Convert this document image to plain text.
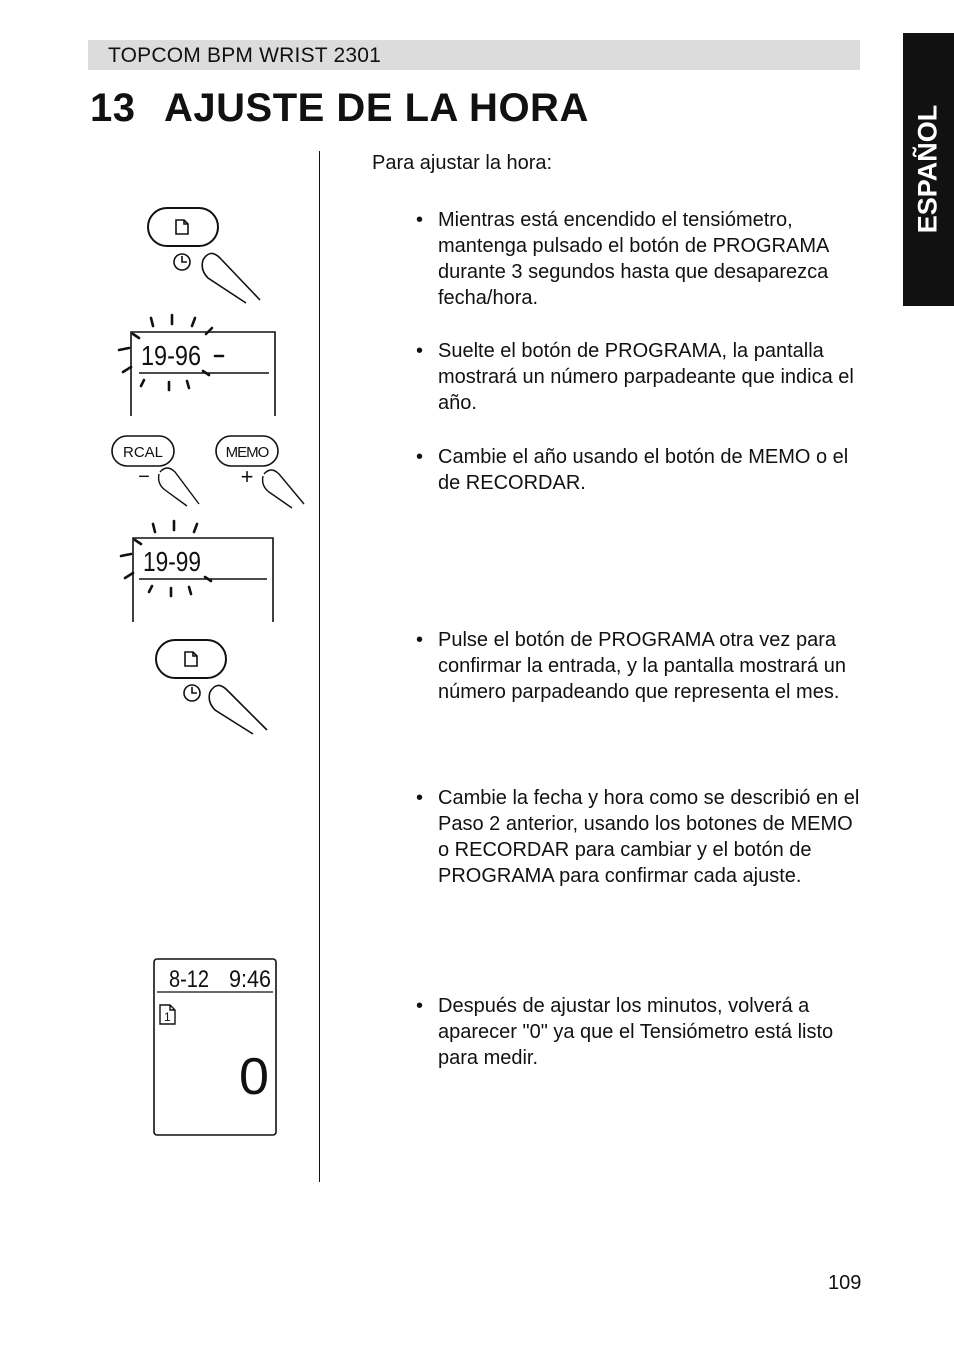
TOPCOM BPM WRIST 2301
ESPAÑOL
13 AJUSTE DE LA HORA
Para ajustar la hora:
• Mientras está encendido el tensiómetro, mantenga pulsado el botón de PROGRAMA durante 3 segundos hasta que desaparezca fecha/hora.
• Suelte el botón de PROGRAMA, la pantalla mostrará un número parpadeante que indica el año.
• Cambie el año usando el botón de MEMO o el de RECORDAR.
• Pulse el botón de PROGRAMA otra vez para confirmar la entrada, y la pantalla mostrará un número parpadeando que representa el mes.
• Cambie la fecha y hora como se describió en el Paso 2 anterior, usando los botones de MEMO o RECORDAR para cambiar y el botón de PROGRAMA para confirmar cada ajuste.
• Después de ajustar los minutos, volverá a aparecer "0" ya que el Tensiómetro está listo para medir.
19-96
RCAL	MEMO
−	+
19-99
8-12 9:46
1
0
109
